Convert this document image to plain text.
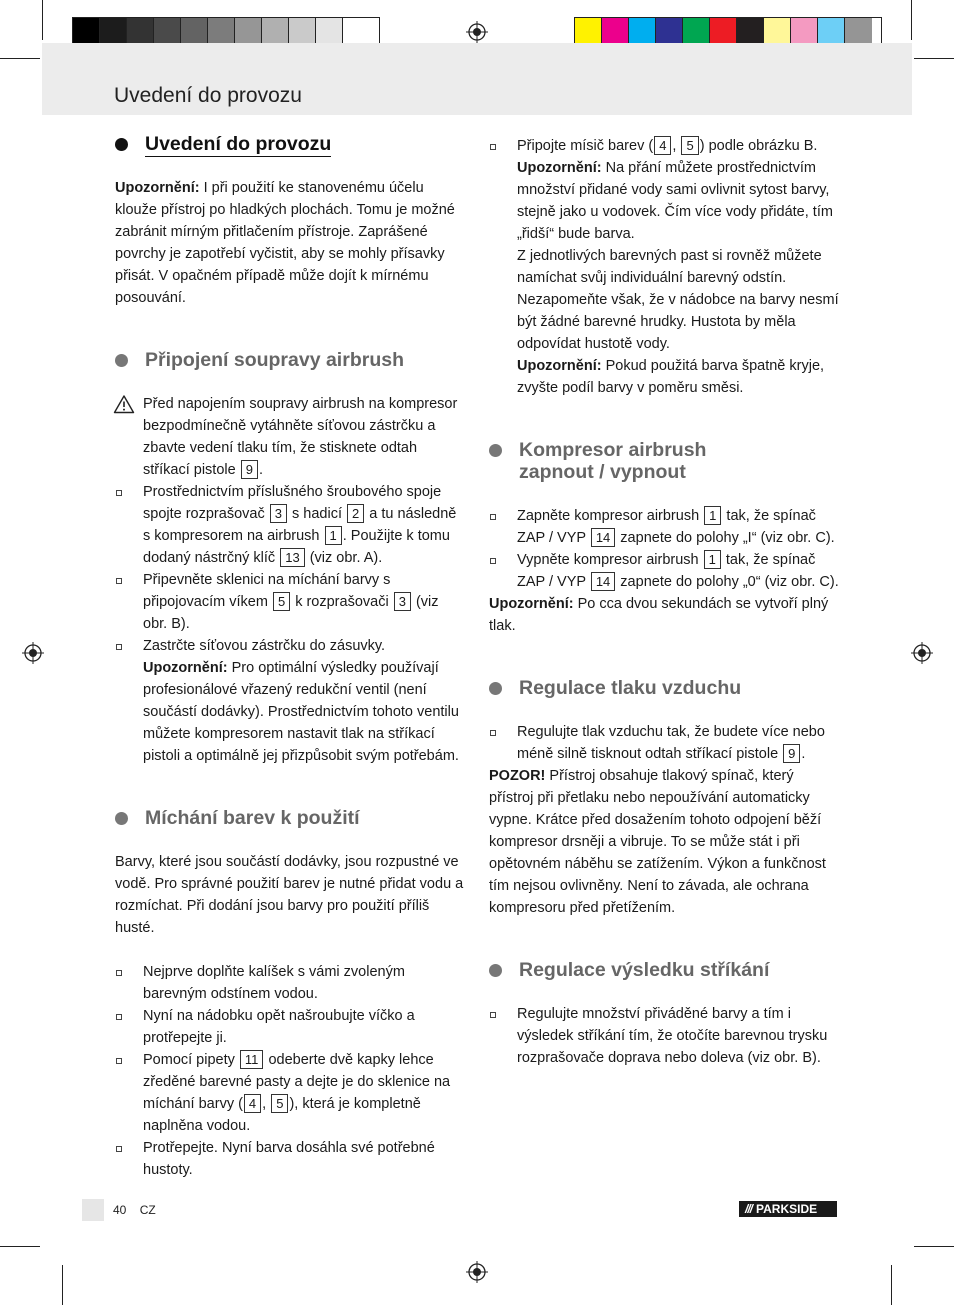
Uvedení do provozu
Uvedení do provozu

Upozornění: I při použití ke stanovenému účelu klouže přístroj po hladkých plochách. Tomu je možné zabránit mírným přitlačením přístroje. Zaprášené povrchy je zapotřebí vyčistit, aby se mohly přísavky přisát. V opačném případě může dojít k mírnému posouvání.

Připojení soupravy airbrush
Před napojením soupravy airbrush na kompresor bezpodmínečně vytáhněte síťovou zástrčku a zbavte vedení tlaku tím, že stisknete odtah stříkací pistole 9 .
Prostřednictvím příslušného šroubového spoje spojte rozprašovač 3 s hadicí 2 a tu následně s kompresorem na airbrush 1 . Použijte k tomu dodaný nástrčný klíč 13 (viz obr. A).
Připevněte sklenici na míchání barvy s připojovacím víkem 5 k rozprašovači 3 (viz obr. B).
Zastrčte síťovou zástrčku do zásuvky.
Upozornění: Pro optimální výsledky používají profesionálové vřazený redukční ventil (není součástí dodávky). Prostřednictvím tohoto ventilu můžete kompresorem nastavit tlak na stříkací pistoli a optimálně jej přizpůsobit svým potřebám.
Míchání barev k použití

Barvy, které jsou součástí dodávky, jsou rozpustné ve vodě. Pro správné použití barev je nutné přidat vodu a rozmíchat. Při dodání jsou barvy pro použití příliš husté.

Nejprve doplňte kalíšek s vámi zvoleným barevným odstínem vodou.
Nyní na nádobku opět našroubujte víčko a protřepejte ji.
Pomocí pipety 11 odeberte dvě kapky lehce zředěné barevné pasty a dejte je do sklenice na míchání barvy ( 4 , 5 ), která je kompletně naplněna vodou.
Protřepejte. Nyní barva dosáhla své potřebné hustoty.
Připojte mísič barev ( 4 , 5 ) podle obrázku B.
Upozornění: Na přání můžete prostřednictvím množství přidané vody sami ovlivnit sytost barvy, stejně jako u vodovek. Čím více vody přidáte, tím „řidší“ bude barva.
Z jednotlivých barevných past si rovněž můžete namíchat svůj individuální barevný odstín. Nezapomeňte však, že v nádobce na barvy nesmí být žádné barevné hrudky. Hustota by měla odpovídat hustotě vody.
Upozornění: Pokud použitá barva špatně kryje, zvyšte podíl barvy v poměru směsi.
Kompresor airbrush
zapnout / vypnout
Zapněte kompresor airbrush 1 tak, že spínač ZAP / VYP 14 zapnete do polohy „I“ (viz obr. C).
Vypněte kompresor airbrush 1 tak, že spínač ZAP / VYP 14 zapnete do polohy „0“ (viz obr. C).

Upozornění: Po cca dvou sekundách se vytvoří plný tlak.

Regulace tlaku vzduchu
Regulujte tlak vzduchu tak, že budete více nebo méně silně tisknout odtah stříkací pistole 9 .

POZOR! Přístroj obsahuje tlakový spínač, který přístroj při přetlaku nebo nepoužívání automaticky vypne. Krátce před dosažením tohoto odpojení běží kompresor drsněji a vibruje. To se může stát i při opětovném náběhu se zatížením. Výkon a funkčnost tím nejsou ovlivněny. Není to závada, ale ochrana kompresoru před přetížením.

Regulace výsledku stříkání
Regulujte množství přiváděné barvy a tím i výsledek stříkání tím, že otočíte barevnou trysku rozprašovače doprava nebo doleva (viz obr. B).
40 CZ	/// PARKSIDE
